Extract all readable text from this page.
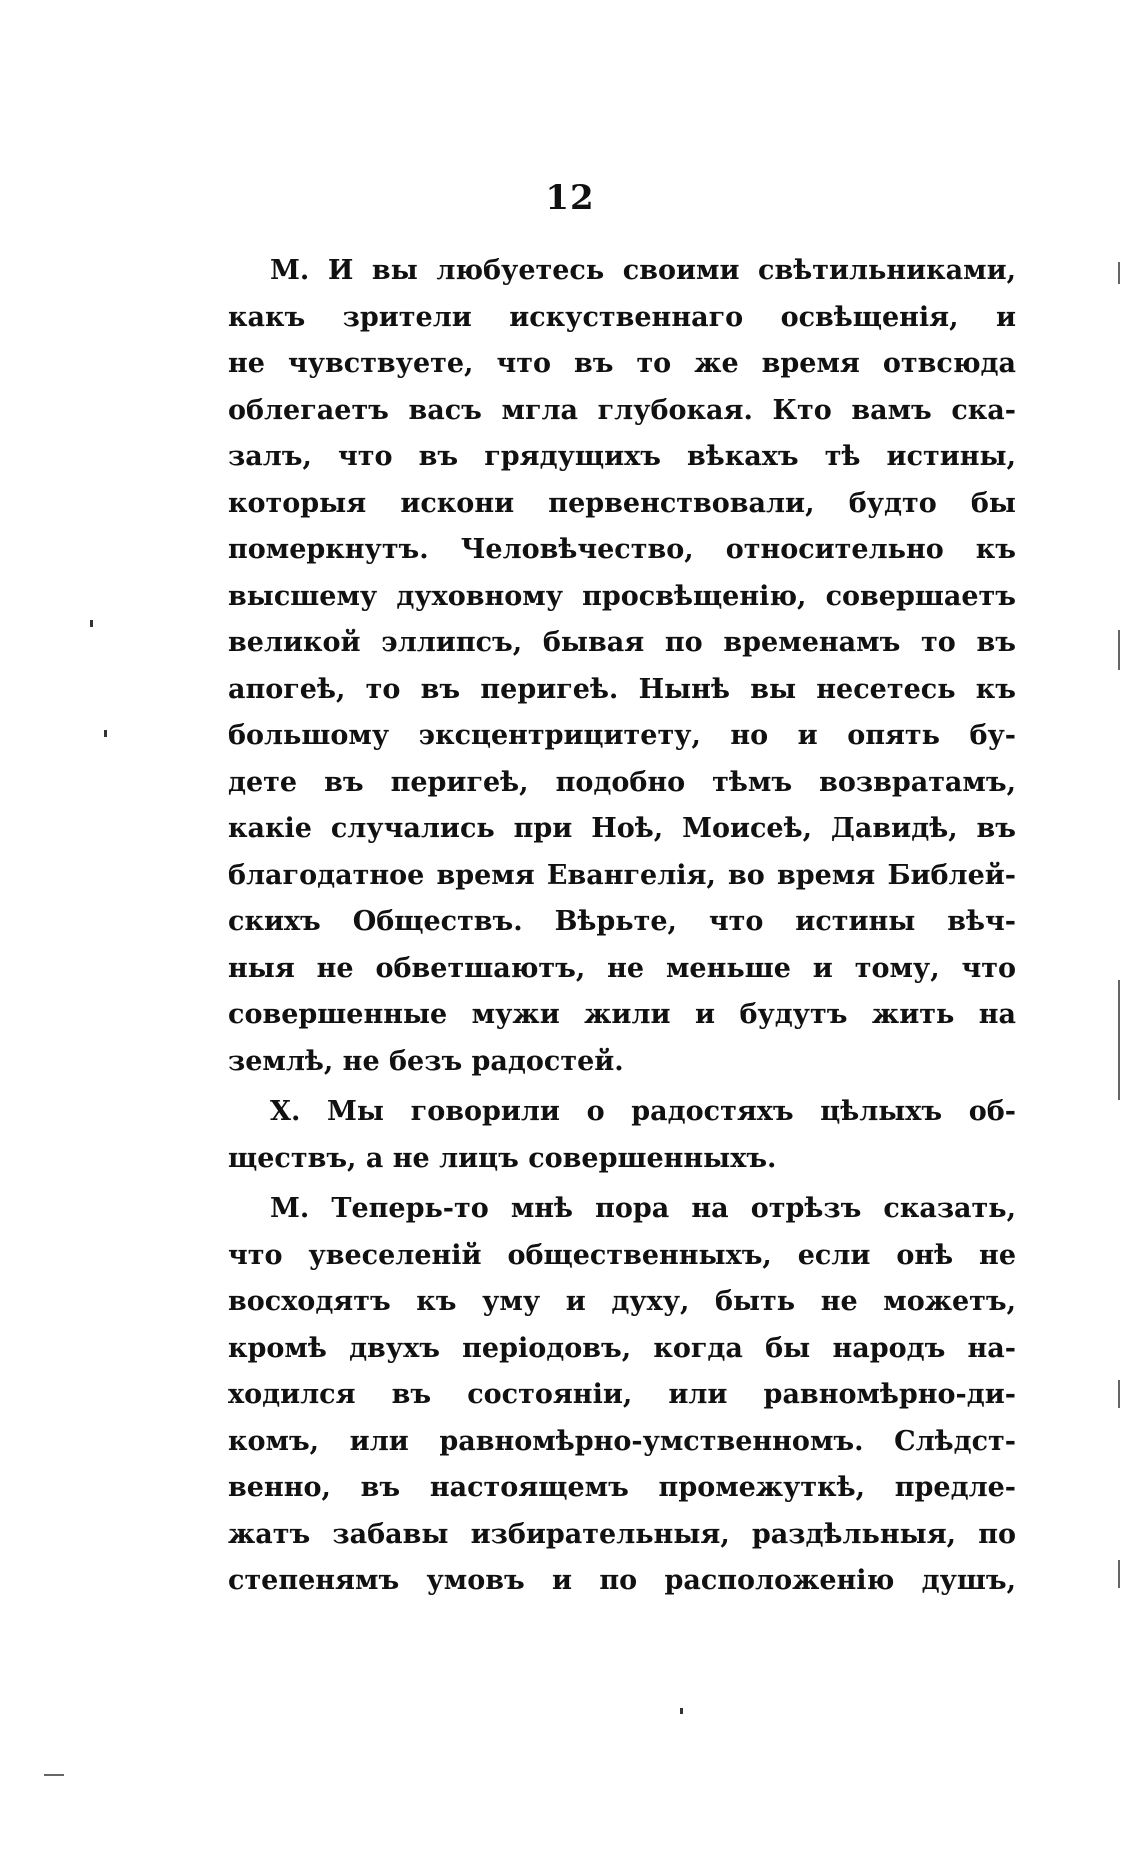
12
М. И вы любуетесь своими свѣтильниками,
какъ зрители искуственнаго освѣщенія, и
не чувствуете, что въ то же время отвсюда
облегаетъ васъ мгла глубокая. Кто вамъ ска-
залъ, что въ грядущихъ вѣкахъ тѣ истины,
которыя искони первенствовали, будто бы
померкнутъ. Человѣчество, относительно къ
высшему духовному просвѣщенію, совершаетъ
великой эллипсъ, бывая по временамъ то въ
апогеѣ, то въ перигеѣ. Нынѣ вы несетесь къ
большому эксцентрицитету, но и опять бу-
дете въ перигеѣ, подобно тѣмъ возвратамъ,
какіе случались при Ноѣ, Моисеѣ, Давидѣ, въ
благодатное время Евангелія, во время Библей-
скихъ Обществъ. Вѣрьте, что истины вѣч-
ныя не обветшаютъ, не меньше и тому, что
совершенные мужи жили и будутъ жить на
землѣ, не безъ радостей.
Х. Мы говорили о радостяхъ цѣлыхъ об-
ществъ, а не лицъ совершенныхъ.
М. Теперь-то мнѣ пора на отрѣзъ сказать,
что увеселеній общественныхъ, если онѣ не
восходятъ къ уму и духу, быть не можетъ,
кромѣ двухъ періодовъ, когда бы народъ на-
ходился въ состояніи, или равномѣрно-ди-
комъ, или равномѣрно-умственномъ. Слѣдст-
венно, въ настоящемъ промежуткѣ, предле-
жатъ забавы избирательныя, раздѣльныя, по
степенямъ умовъ и по расположенію душъ,
